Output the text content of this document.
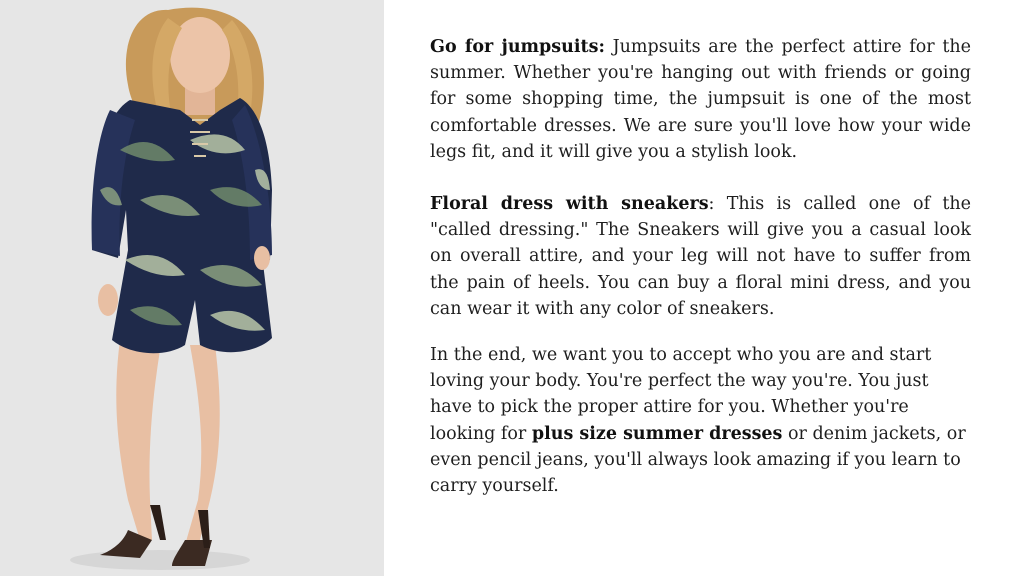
Go for jumpsuits: Jumpsuits are the perfect attire for the summer. Whether you're hanging out with friends or going for some shopping time, the jumpsuit is one of the most comfortable dresses. We are sure you'll love how your wide legs fit, and it will give you a stylish look.

Floral dress with sneakers: This is called one of the "called dressing." The Sneakers will give you a casual look on overall attire, and your leg will not have to suffer from the pain of heels. You can buy a floral mini dress, and you can wear it with any color of sneakers.

In the end, we want you to accept who you are and start loving your body. You're perfect the way you're. You just have to pick the proper attire for you. Whether you're looking for plus size summer dresses or denim jackets, or even pencil jeans, you'll always look amazing if you learn to carry yourself.
